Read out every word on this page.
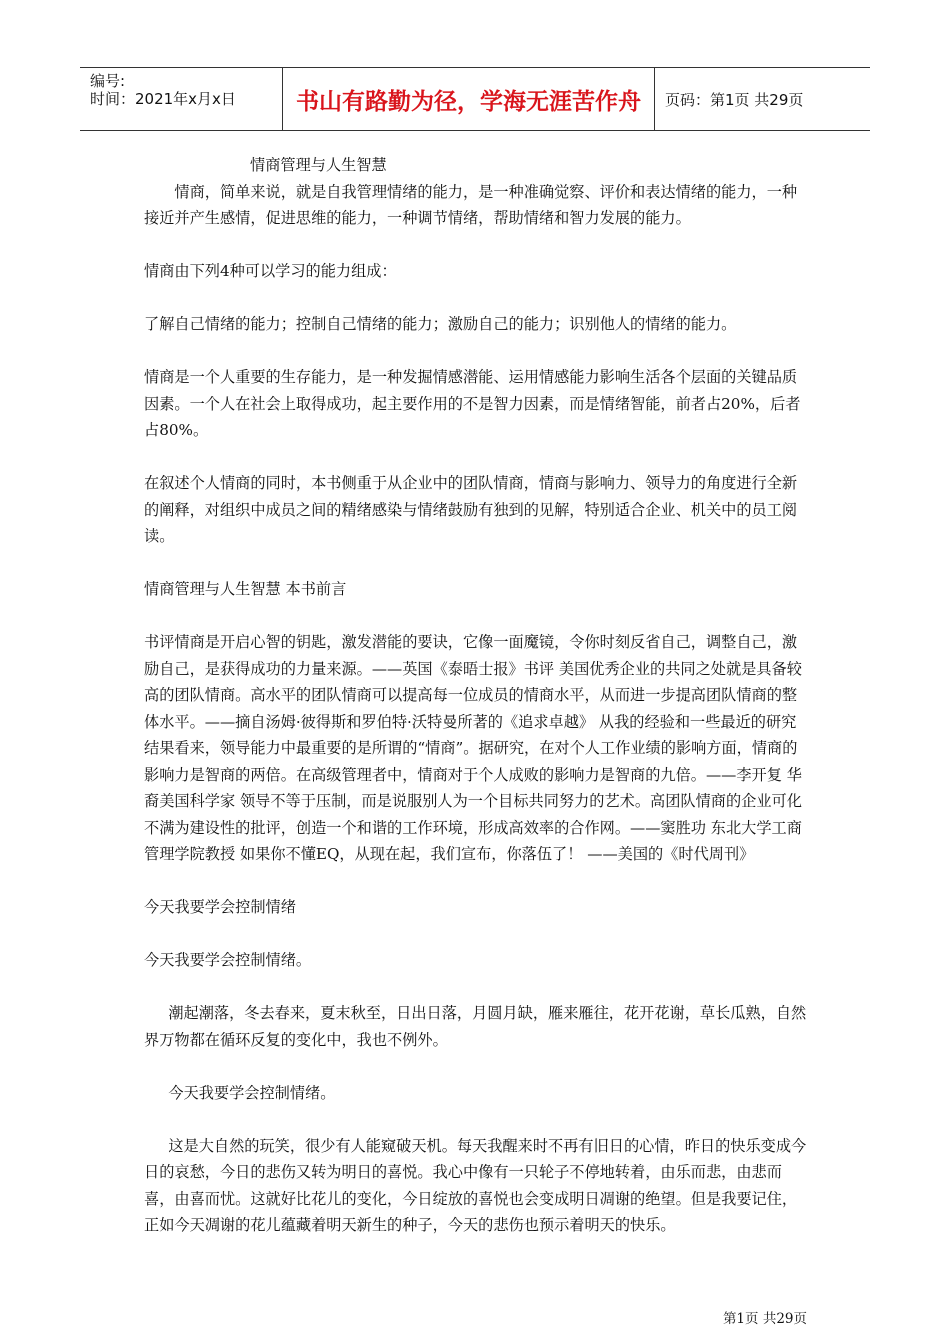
编号:
时间：2021年x月x日	书山有路勤为径，学海无涯苦作舟	页码：第1页 共29页

情商管理与人生智慧

情商，简单来说，就是自我管理情绪的能力，是一种准确觉察、评价和表达情绪的能力，一种接近并产生感情，促进思维的能力，一种调节情绪，帮助情绪和智力发展的能力。

情商由下列4种可以学习的能力组成：

了解自己情绪的能力；控制自己情绪的能力；激励自己的能力；识别他人的情绪的能力。

情商是一个人重要的生存能力，是一种发掘情感潜能、运用情感能力影响生活各个层面的关键品质因素。一个人在社会上取得成功，起主要作用的不是智力因素，而是情绪智能，前者占20%，后者占80%。

在叙述个人情商的同时，本书侧重于从企业中的团队情商，情商与影响力、领导力的角度进行全新的阐释，对组织中成员之间的精绪感染与情绪鼓励有独到的见解，特别适合企业、机关中的员工阅读。

情商管理与人生智慧 本书前言

书评情商是开启心智的钥匙，激发潜能的要诀，它像一面魔镜，令你时刻反省自己，调整自己，激励自己，是获得成功的力量来源。——英国《泰晤士报》书评 美国优秀企业的共同之处就是具备较高的团队情商。高水平的团队情商可以提高每一位成员的情商水平，从而进一步提高团队情商的整体水平。——摘自汤姆·彼得斯和罗伯特·沃特曼所著的《追求卓越》 从我的经验和一些最近的研究结果看来，领导能力中最重要的是所谓的“情商”。据研究，在对个人工作业绩的影响方面，情商的影响力是智商的两倍。在高级管理者中，情商对于个人成败的影响力是智商的九倍。——李开复 华裔美国科学家 领导不等于压制，而是说服别人为一个目标共同努力的艺术。高团队情商的企业可化不满为建设性的批评，创造一个和谐的工作环境，形成高效率的合作网。——窦胜功 东北大学工商管理学院教授 如果你不懂EQ，从现在起，我们宣布，你落伍了！ ——美国的《时代周刊》

今天我要学会控制情绪

今天我要学会控制情绪。

潮起潮落，冬去春来，夏末秋至，日出日落，月圆月缺，雁来雁往，花开花谢，草长瓜熟，自然界万物都在循环反复的变化中，我也不例外。

今天我要学会控制情绪。

这是大自然的玩笑，很少有人能窥破天机。每天我醒来时不再有旧日的心情，昨日的快乐变成今日的哀愁，今日的悲伤又转为明日的喜悦。我心中像有一只轮子不停地转着，由乐而悲，由悲而喜，由喜而忧。这就好比花儿的变化，今日绽放的喜悦也会变成明日凋谢的绝望。但是我要记住，正如今天凋谢的花儿蕴藏着明天新生的种子，今天的悲伤也预示着明天的快乐。

第1页 共29页
